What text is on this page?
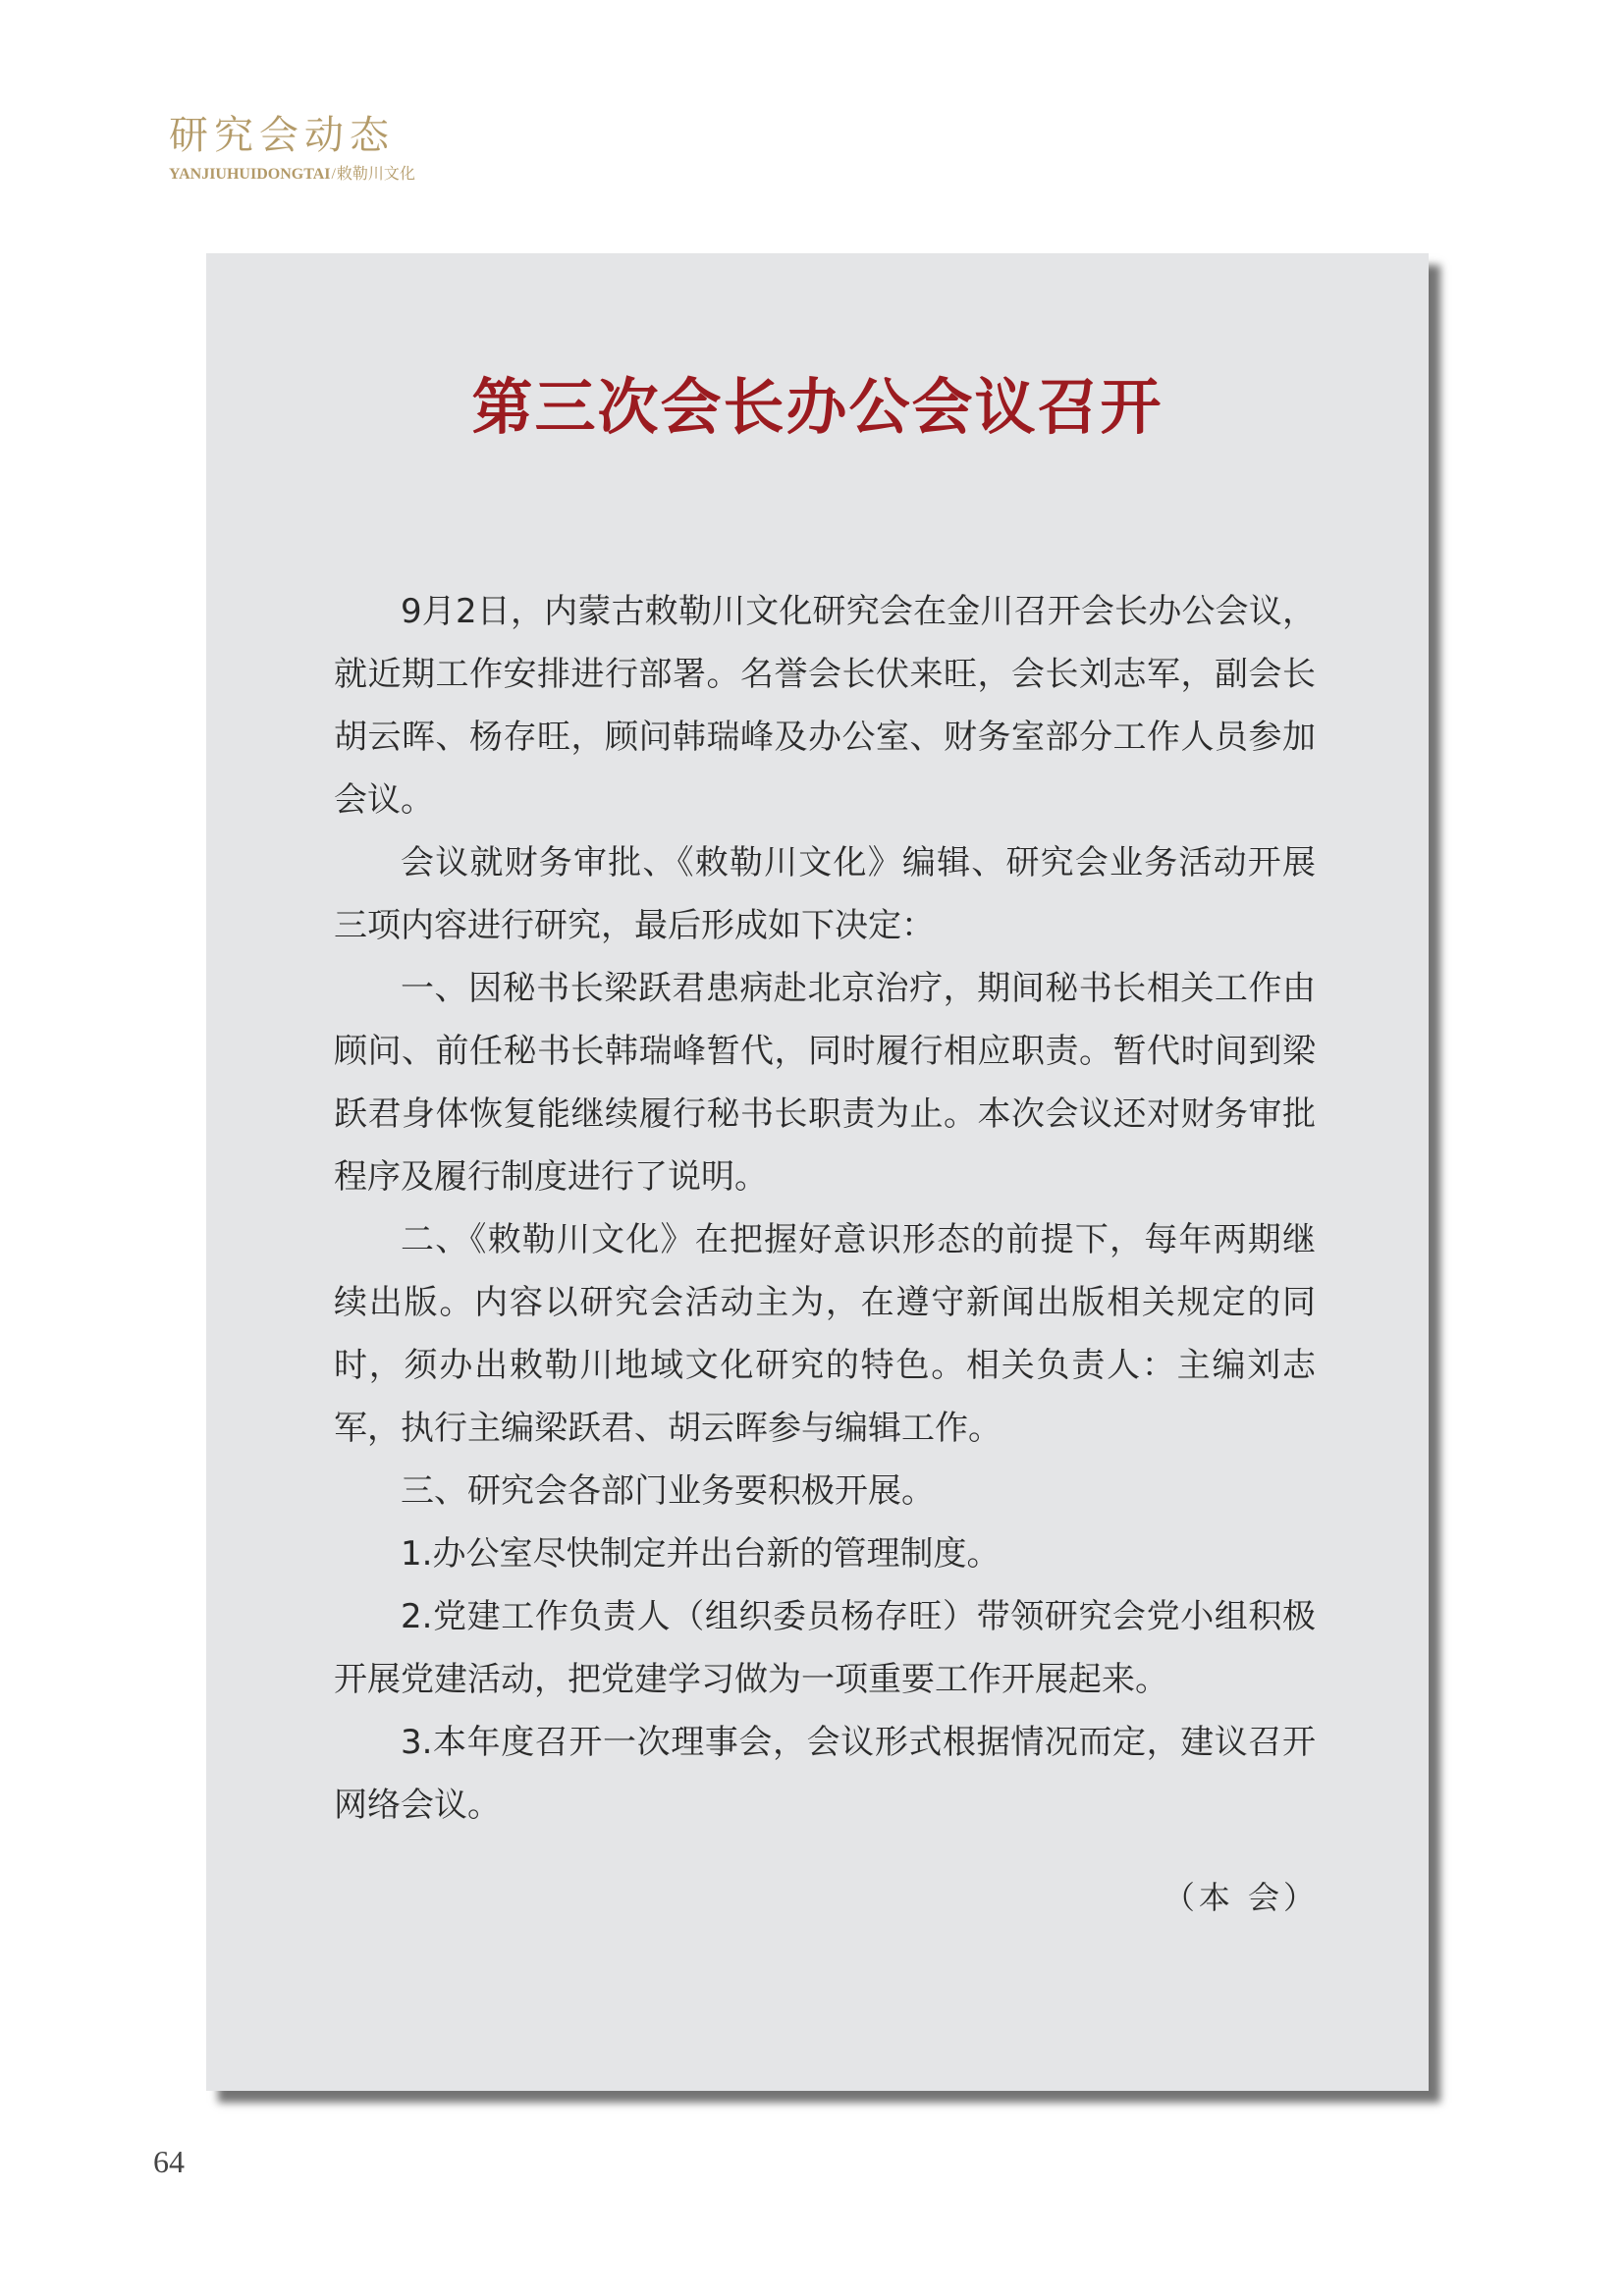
研究会动态
YANJIUHUIDONGTAI/敕勒川文化
第三次会长办公会议召开

9月2日，内蒙古敕勒川文化研究会在金川召开会长办公会议，就近期工作安排进行部署。名誉会长伏来旺，会长刘志军，副会长胡云晖、杨存旺，顾问韩瑞峰及办公室、财务室部分工作人员参加会议。

会议就财务审批、《敕勒川文化》编辑、研究会业务活动开展三项内容进行研究，最后形成如下决定：

一、因秘书长梁跃君患病赴北京治疗，期间秘书长相关工作由顾问、前任秘书长韩瑞峰暂代，同时履行相应职责。暂代时间到梁跃君身体恢复能继续履行秘书长职责为止。本次会议还对财务审批程序及履行制度进行了说明。

二、《敕勒川文化》在把握好意识形态的前提下，每年两期继续出版。内容以研究会活动主为，在遵守新闻出版相关规定的同时，须办出敕勒川地域文化研究的特色。相关负责人：主编刘志军，执行主编梁跃君、胡云晖参与编辑工作。

三、研究会各部门业务要积极开展。

1.办公室尽快制定并出台新的管理制度。

2.党建工作负责人（组织委员杨存旺）带领研究会党小组积极开展党建活动，把党建学习做为一项重要工作开展起来。

3.本年度召开一次理事会，会议形式根据情况而定，建议召开网络会议。

（本 会）
64
